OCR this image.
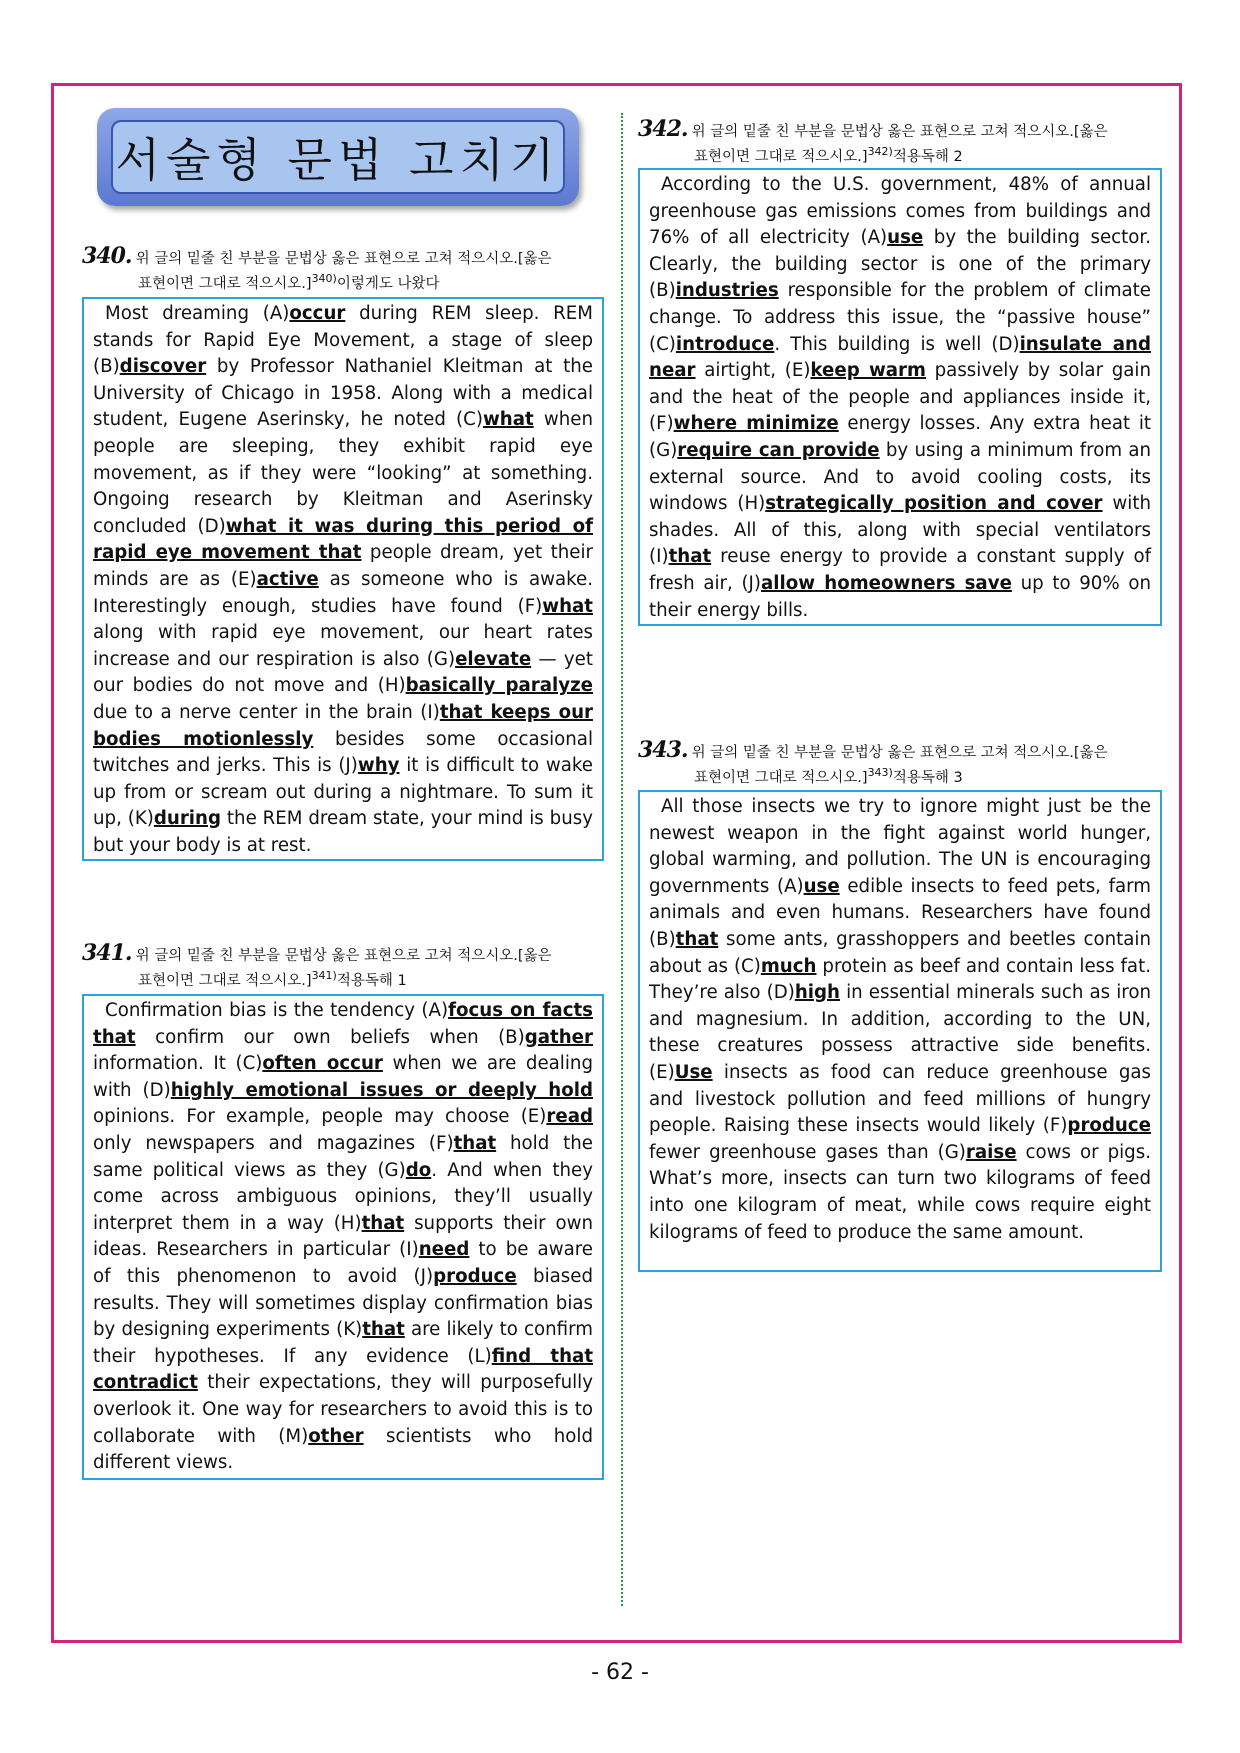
서술형 문법 고치기
340. 위 글의 밑줄 친 부분을 문법상 옳은 표현으로 고쳐 적으시오.[옳은
표현이면 그대로 적으시오.]$^{340)}$이렇게도 나왔다

Most dreaming (A)occur during REM sleep. REM stands for Rapid Eye Movement, a stage of sleep (B)discover by Professor Nathaniel Kleitman at the University of Chicago in 1958. Along with a medical student, Eugene Aserinsky, he noted (C)what when people are sleeping, they exhibit rapid eye movement, as if they were “looking” at something. Ongoing research by Kleitman and Aserinsky concluded (D)what it was during this period of rapid eye movement that people dream, yet their minds are as (E)active as someone who is awake. Interestingly enough, studies have found (F)what along with rapid eye movement, our heart rates increase and our respiration is also (G)elevate — yet our bodies do not move and (H)basically paralyze due to a nerve center in the brain (I)that keeps our bodies motionlessly besides some occasional twitches and jerks. This is (J)why it is difficult to wake up from or scream out during a nightmare. To sum it up, (K)during the REM dream state, your mind is busy but your body is at rest.

341. 위 글의 밑줄 친 부분을 문법상 옳은 표현으로 고쳐 적으시오.[옳은
표현이면 그대로 적으시오.]$^{341)}$적용독해 1

Confirmation bias is the tendency (A)focus on facts that confirm our own beliefs when (B)gather information. It (C)often occur when we are dealing with (D)highly emotional issues or deeply hold opinions. For example, people may choose (E)read only newspapers and magazines (F)that hold the same political views as they (G)do. And when they come across ambiguous opinions, they’ll usually interpret them in a way (H)that supports their own ideas. Researchers in particular (I)need to be aware of this phenomenon to avoid (J)produce biased results. They will sometimes display confirmation bias by designing experiments (K)that are likely to confirm their hypotheses. If any evidence (L)find that contradict their expectations, they will purposefully overlook it. One way for researchers to avoid this is to collaborate with (M)other scientists who hold different views.

342. 위 글의 밑줄 친 부분을 문법상 옳은 표현으로 고쳐 적으시오.[옳은
표현이면 그대로 적으시오.]$^{342)}$적용독해 2

According to the U.S. government, 48% of annual greenhouse gas emissions comes from buildings and 76% of all electricity (A)use by the building sector. Clearly, the building sector is one of the primary (B)industries responsible for the problem of climate change. To address this issue, the “passive house” (C)introduce. This building is well (D)insulate and near airtight, (E)keep warm passively by solar gain and the heat of the people and appliances inside it, (F)where minimize energy losses. Any extra heat it (G)require can provide by using a minimum from an external source. And to avoid cooling costs, its windows (H)strategically position and cover with shades. All of this, along with special ventilators (I)that reuse energy to provide a constant supply of fresh air, (J)allow homeowners save up to 90% on their energy bills.

343. 위 글의 밑줄 친 부분을 문법상 옳은 표현으로 고쳐 적으시오.[옳은
표현이면 그대로 적으시오.]$^{343)}$적용독해 3

All those insects we try to ignore might just be the newest weapon in the fight against world hunger, global warming, and pollution. The UN is encouraging governments (A)use edible insects to feed pets, farm animals and even humans. Researchers have found (B)that some ants, grasshoppers and beetles contain about as (C)much protein as beef and contain less fat. They’re also (D)high in essential minerals such as iron and magnesium. In addition, according to the UN, these creatures possess attractive side benefits. (E)Use insects as food can reduce greenhouse gas and livestock pollution and feed millions of hungry people. Raising these insects would likely (F)produce fewer greenhouse gases than (G)raise cows or pigs. What’s more, insects can turn two kilograms of feed into one kilogram of meat, while cows require eight kilograms of feed to produce the same amount.

- 62 -
